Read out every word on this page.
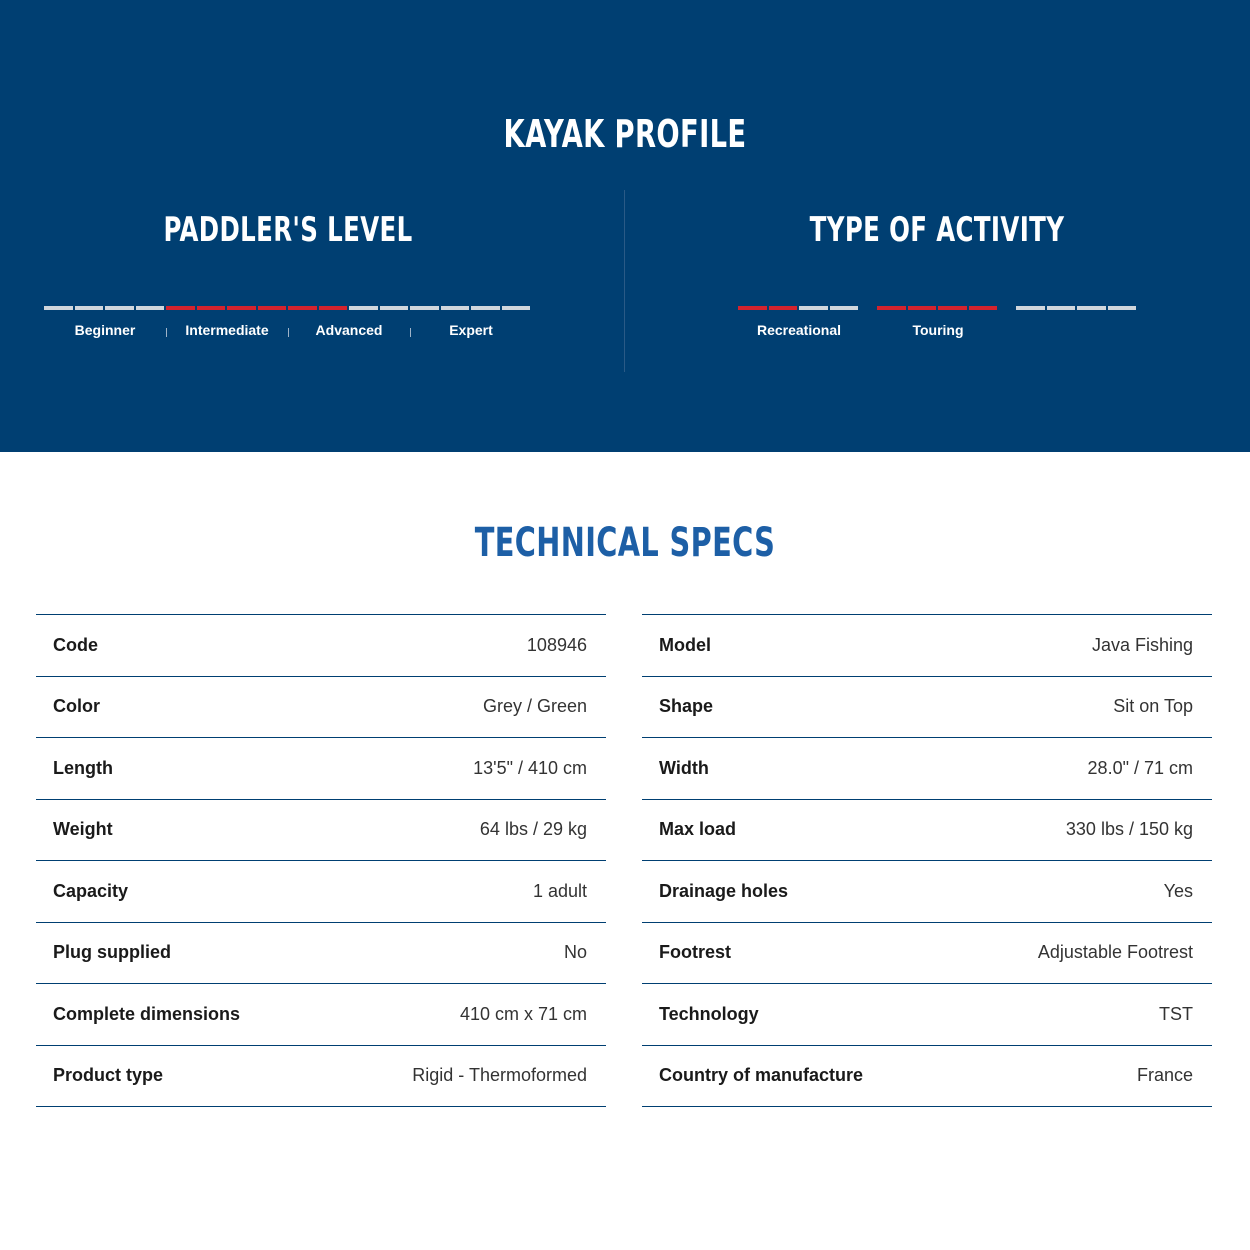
KAYAK PROFILE
PADDLER'S LEVEL
Beginner	Intermediate	Advanced	Expert
TYPE OF ACTIVITY
Recreational	Touring
TECHNICAL SPECS
Code	108946
Color	Grey / Green
Length	13'5" / 410 cm
Weight	64 lbs / 29 kg
Capacity	1 adult
Plug supplied	No
Complete dimensions	410 cm x 71 cm
Product type	Rigid - Thermoformed
Model	Java Fishing
Shape	Sit on Top
Width	28.0" / 71 cm
Max load	330 lbs / 150 kg
Drainage holes	Yes
Footrest	Adjustable Footrest
Technology	TST
Country of manufacture	France
